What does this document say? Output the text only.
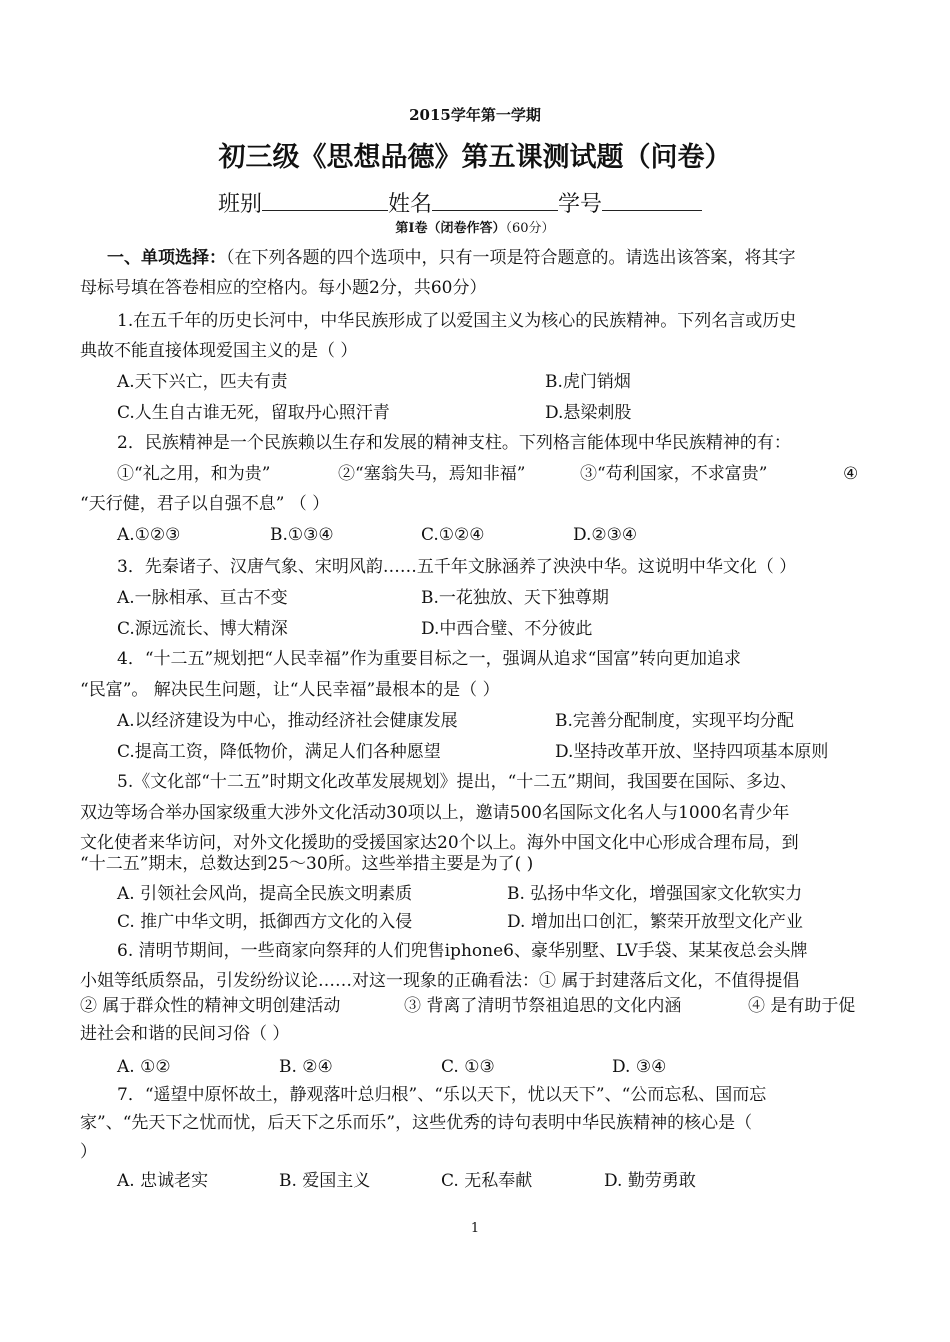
2015学年第一学期
初三级《思想品德》第五课测试题（问卷）
班别	姓名	学号
第Ⅰ卷（闭卷作答）（60分）
一、单项选择：（在下列各题的四个选项中，只有一项是符合题意的。请选出该答案，将其字
母标号填在答卷相应的空格内。每小题2分，共60分）
1.在五千年的历史长河中，中华民族形成了以爱国主义为核心的民族精神。下列名言或历史
典故不能直接体现爱国主义的是（ ）
A.天下兴亡，匹夫有责	B.虎门销烟
C.人生自古谁无死，留取丹心照汗青	D.悬梁刺股
2．民族精神是一个民族赖以生存和发展的精神支柱。下列格言能体现中华民族精神的有：
①“礼之用，和为贵”	②“塞翁失马，焉知非福”	③“苟利国家，不求富贵”	④
“天行健，君子以自强不息” （ ）
A.①②③	B.①③④	C.①②④	D.②③④
3．先秦诸子、汉唐气象、宋明风韵……五千年文脉涵养了泱泱中华。这说明中华文化（ ）
A.一脉相承、亘古不变	B.一花独放、天下独尊期
C.源远流长、博大精深	D.中西合璧、不分彼此
4．“十二五”规划把“人民幸福”作为重要目标之一，强调从追求“国富”转向更加追求
“民富”。 解决民生问题，让“人民幸福”最根本的是（ ）
A.以经济建设为中心，推动经济社会健康发展	B.完善分配制度，实现平均分配
C.提高工资，降低物价，满足人们各种愿望	D.坚持改革开放、坚持四项基本原则
5.《文化部“十二五”时期文化改革发展规划》提出，“十二五”期间，我国要在国际、多边、
双边等场合举办国家级重大涉外文化活动30项以上，邀请500名国际文化名人与1000名青少年
文化使者来华访问，对外文化援助的受援国家达20个以上。海外中国文化中心形成合理布局，到
“十二五”期末，总数达到25～30所。这些举措主要是为了( )
A. 引领社会风尚，提高全民族文明素质	B. 弘扬中华文化，增强国家文化软实力
C. 推广中华文明，抵御西方文化的入侵	D. 增加出口创汇，繁荣开放型文化产业
6. 清明节期间，一些商家向祭拜的人们兜售iphone6、豪华别墅、LV手袋、某某夜总会头牌
小姐等纸质祭品，引发纷纷议论……对这一现象的正确看法：① 属于封建落后文化，不值得提倡
② 属于群众性的精神文明创建活动	③ 背离了清明节祭祖追思的文化内涵	④ 是有助于促
进社会和谐的民间习俗（ ）
A. ①②	B. ②④	C. ①③	D. ③④
7．“遥望中原怀故土，静观落叶总归根”、“乐以天下，忧以天下”、“公而忘私、国而忘
家”、“先天下之忧而忧，后天下之乐而乐”，这些优秀的诗句表明中华民族精神的核心是（
）
A. 忠诚老实	B. 爱国主义	C. 无私奉献	D. 勤劳勇敢
1
